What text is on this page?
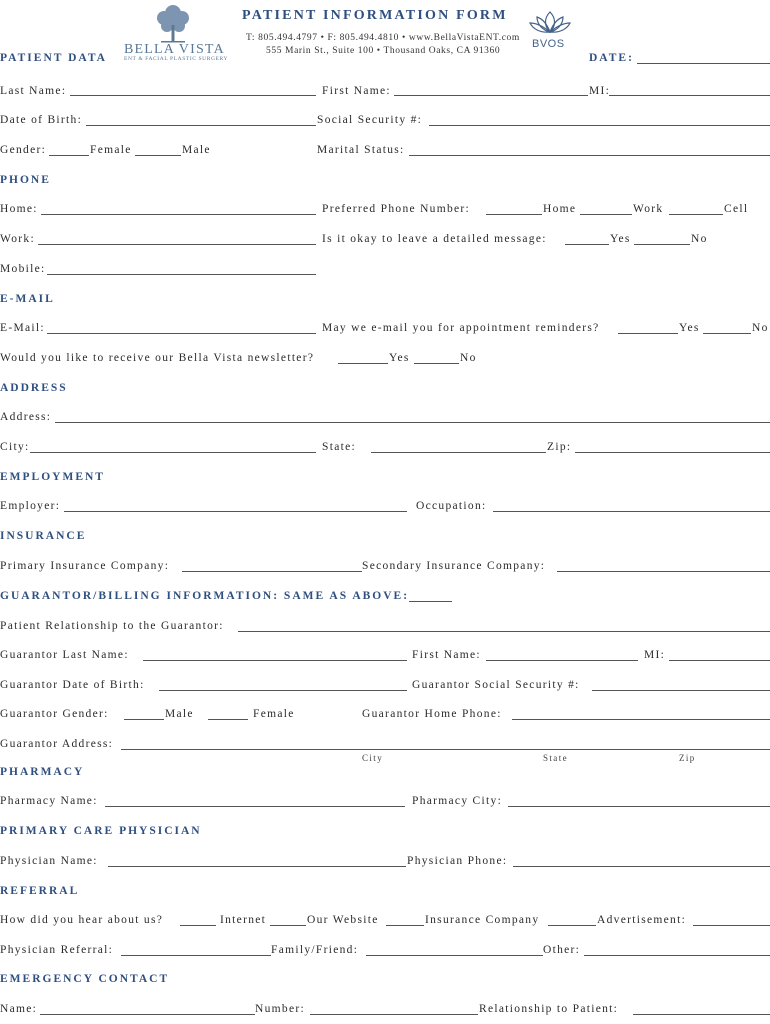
BELLA VISTA
ENT & FACIAL PLASTIC SURGERY
PATIENT INFORMATION FORM
T: 805.494.4797 • F: 805.494.4810 • www.BellaVistaENT.com
555 Marin St., Suite 100 • Thousand Oaks, CA 91360
BVOS
PATIENT DATA	DATE:
Last Name:	First Name:	MI:
Date of Birth:	Social Security #:
Gender:	Female	Male	Marital Status:
PHONE
Home:	Preferred Phone Number:	Home	Work	Cell
Work:	Is it okay to leave a detailed message:	Yes	No
Mobile:
E-MAIL
E-Mail:	May we e-mail you for appointment reminders?	Yes	No
Would you like to receive our Bella Vista newsletter?	Yes	No
ADDRESS
Address:
City:	State:	Zip:
EMPLOYMENT
Employer:	Occupation:
INSURANCE
Primary Insurance Company:	Secondary Insurance Company:
GUARANTOR/BILLING INFORMATION: SAME AS ABOVE:
Patient Relationship to the Guarantor:
Guarantor Last Name:	First Name:	MI:
Guarantor Date of Birth:	Guarantor Social Security #:
Guarantor Gender:	Male	Female	Guarantor Home Phone:
Guarantor Address:
City	State	Zip
PHARMACY
Pharmacy Name:	Pharmacy City:
PRIMARY CARE PHYSICIAN
Physician Name:	Physician Phone:
REFERRAL
How did you hear about us?	Internet	Our Website	Insurance Company	Advertisement:
Physician Referral:	Family/Friend:	Other:
EMERGENCY CONTACT
Name:	Number:	Relationship to Patient:
